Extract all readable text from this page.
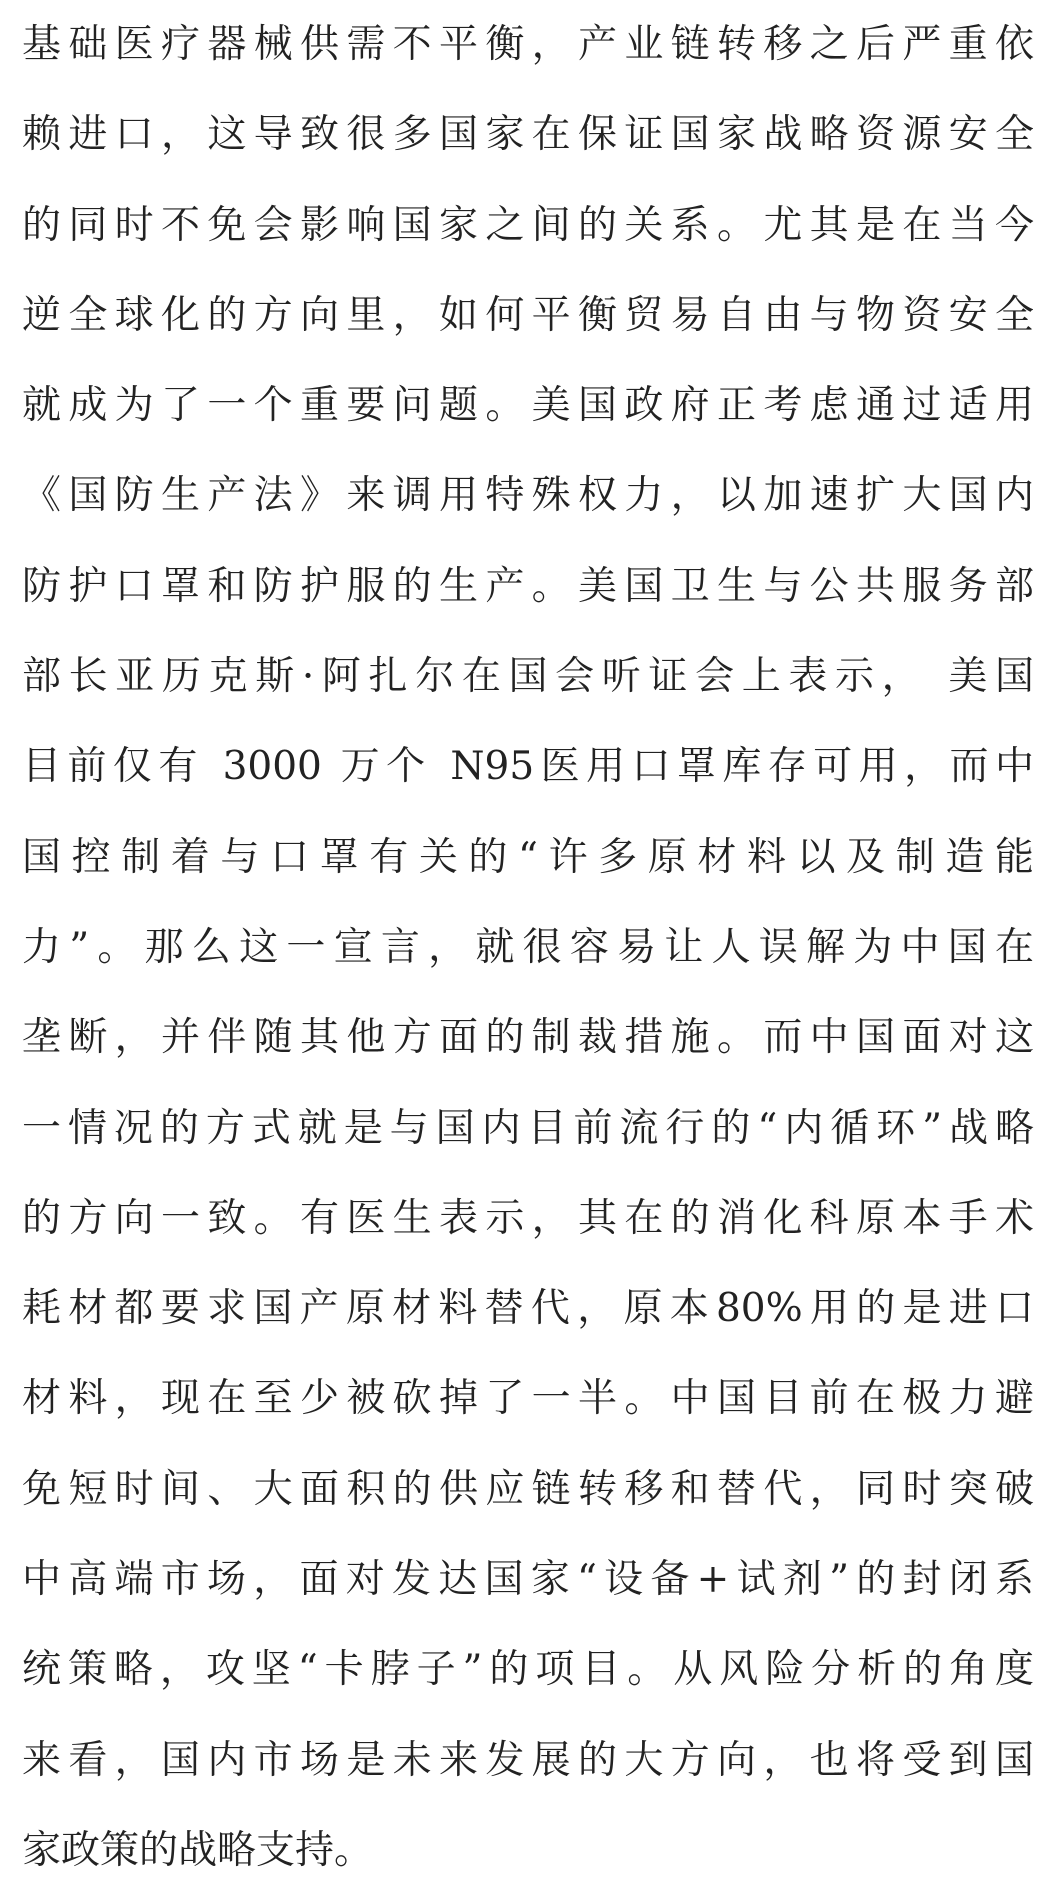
基础医疗器械供需不平衡，产业链转移之后严重依
赖进口，这导致很多国家在保证国家战略资源安全
的同时不免会影响国家之间的关系。尤其是在当今
逆全球化的方向里，如何平衡贸易自由与物资安全
就成为了一个重要问题。美国政府正考虑通过适用
《国防生产法》来调用特殊权力，以加速扩大国内
防护口罩和防护服的生产。美国卫生与公共服务部
部长亚历克斯·阿扎尔在国会听证会上表示， 美国
目前仅有 3000 万个 N95医用口罩库存可用，而中
国控制着与口罩有关的“许多原材料以及制造能
力”。那么这一宣言，就很容易让人误解为中国在
垄断，并伴随其他方面的制裁措施。而中国面对这
一情况的方式就是与国内目前流行的“内循环”战略
的方向一致。有医生表示，其在的消化科原本手术
耗材都要求国产原材料替代，原本80%用的是进口
材料，现在至少被砍掉了一半。中国目前在极力避
免短时间、大面积的供应链转移和替代，同时突破
中高端市场，面对发达国家“设备+试剂”的封闭系
统策略，攻坚“卡脖子”的项目。从风险分析的角度
来看，国内市场是未来发展的大方向，也将受到国
家政策的战略支持。
